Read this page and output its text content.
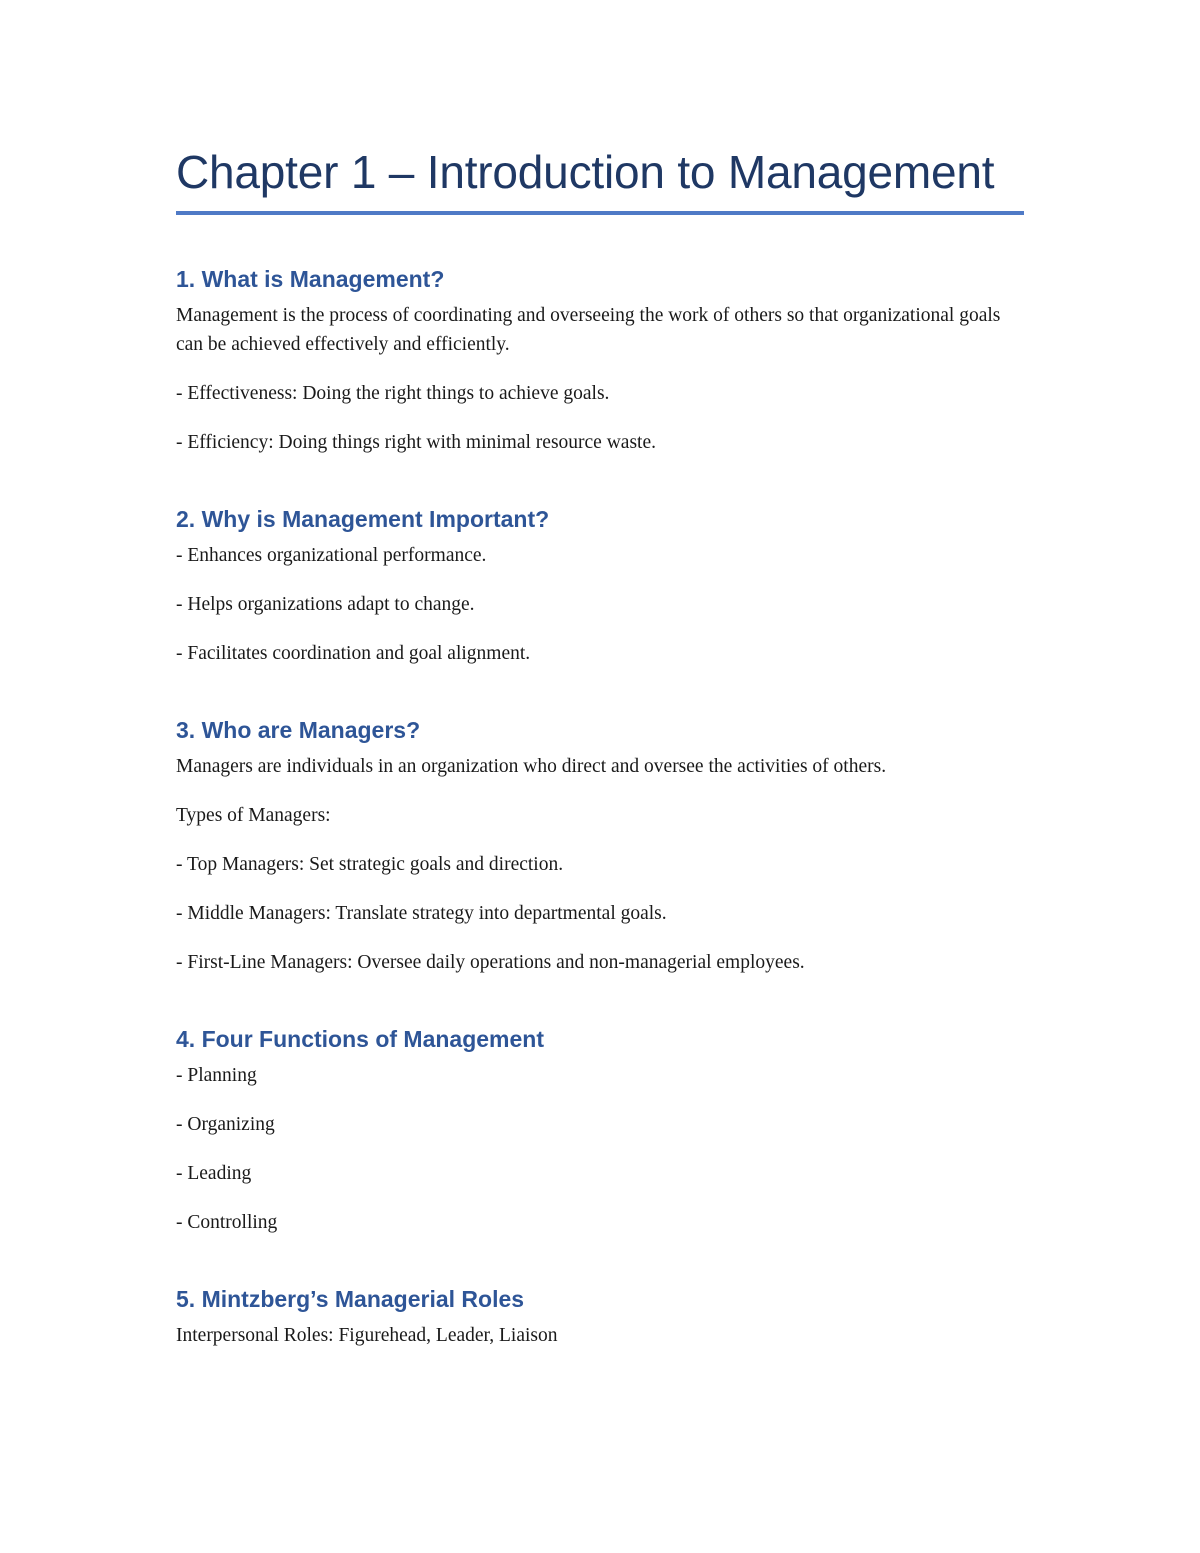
Chapter 1 – Introduction to Management
1. What is Management?

Management is the process of coordinating and overseeing the work of others so that organizational goals can be achieved effectively and efficiently.

- Effectiveness: Doing the right things to achieve goals.

- Efficiency: Doing things right with minimal resource waste.

2. Why is Management Important?

- Enhances organizational performance.

- Helps organizations adapt to change.

- Facilitates coordination and goal alignment.

3. Who are Managers?

Managers are individuals in an organization who direct and oversee the activities of others.

Types of Managers:

- Top Managers: Set strategic goals and direction.

- Middle Managers: Translate strategy into departmental goals.

- First-Line Managers: Oversee daily operations and non-managerial employees.

4. Four Functions of Management

- Planning

- Organizing

- Leading

- Controlling

5. Mintzberg’s Managerial Roles

Interpersonal Roles: Figurehead, Leader, Liaison
